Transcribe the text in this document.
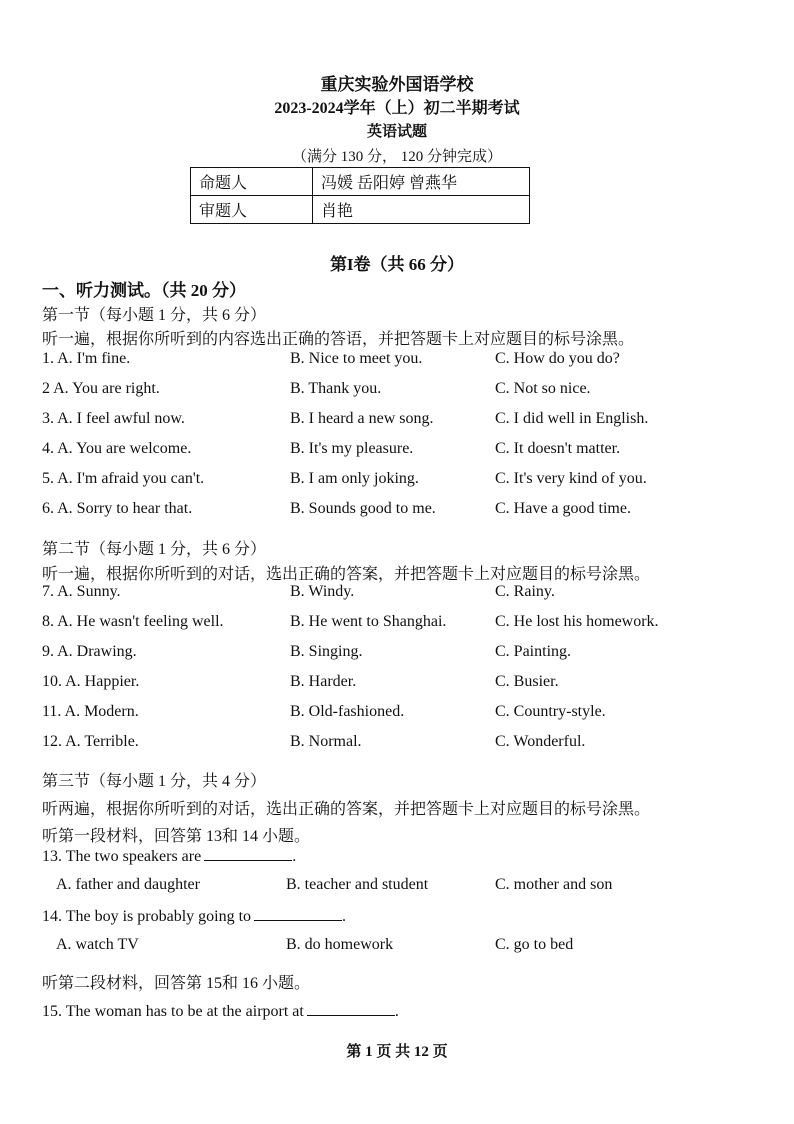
重庆实验外国语学校
2023-2024学年（上）初二半期考试
英语试题
（满分 130 分， 120 分钟完成）
命题人	冯媛 岳阳婷 曾燕华
审题人	肖艳
第I卷（共 66 分）
一、听力测试。（共 20 分）
第一节（每小题 1 分，共 6 分）
听一遍，根据你所听到的内容选出正确的答语，并把答题卡上对应题目的标号涂黑。
1. A. I'm fine.	B. Nice to meet you.	C. How do you do?
2 A. You are right.	B. Thank you.	C. Not so nice.
3. A. I feel awful now.	B. I heard a new song.	C. I did well in English.
4. A. You are welcome.	B. It's my pleasure.	C. It doesn't matter.
5. A. I'm afraid you can't.	B. I am only joking.	C. It's very kind of you.
6. A. Sorry to hear that.	B. Sounds good to me.	C. Have a good time.
第二节（每小题 1 分，共 6 分）
听一遍，根据你所听到的对话，选出正确的答案，并把答题卡上对应题目的标号涂黑。
7. A. Sunny.	B. Windy.	C. Rainy.
8. A. He wasn't feeling well.	B. He went to Shanghai.	C. He lost his homework.
9. A. Drawing.	B. Singing.	C. Painting.
10. A. Happier.	B. Harder.	C. Busier.
11. A. Modern.	B. Old-fashioned.	C. Country-style.
12. A. Terrible.	B. Normal.	C. Wonderful.
第三节（每小题 1 分，共 4 分）
听两遍，根据你所听到的对话，选出正确的答案，并把答题卡上对应题目的标号涂黑。
听第一段材料，回答第 13和 14 小题。
13. The two speakers are	.
A. father and daughter	B. teacher and student	C. mother and son
14. The boy is probably going to	.
A. watch TV	B. do homework	C. go to bed
听第二段材料，回答第 15和 16 小题。
15. The woman has to be at the airport at	.
第 1 页 共 12 页
